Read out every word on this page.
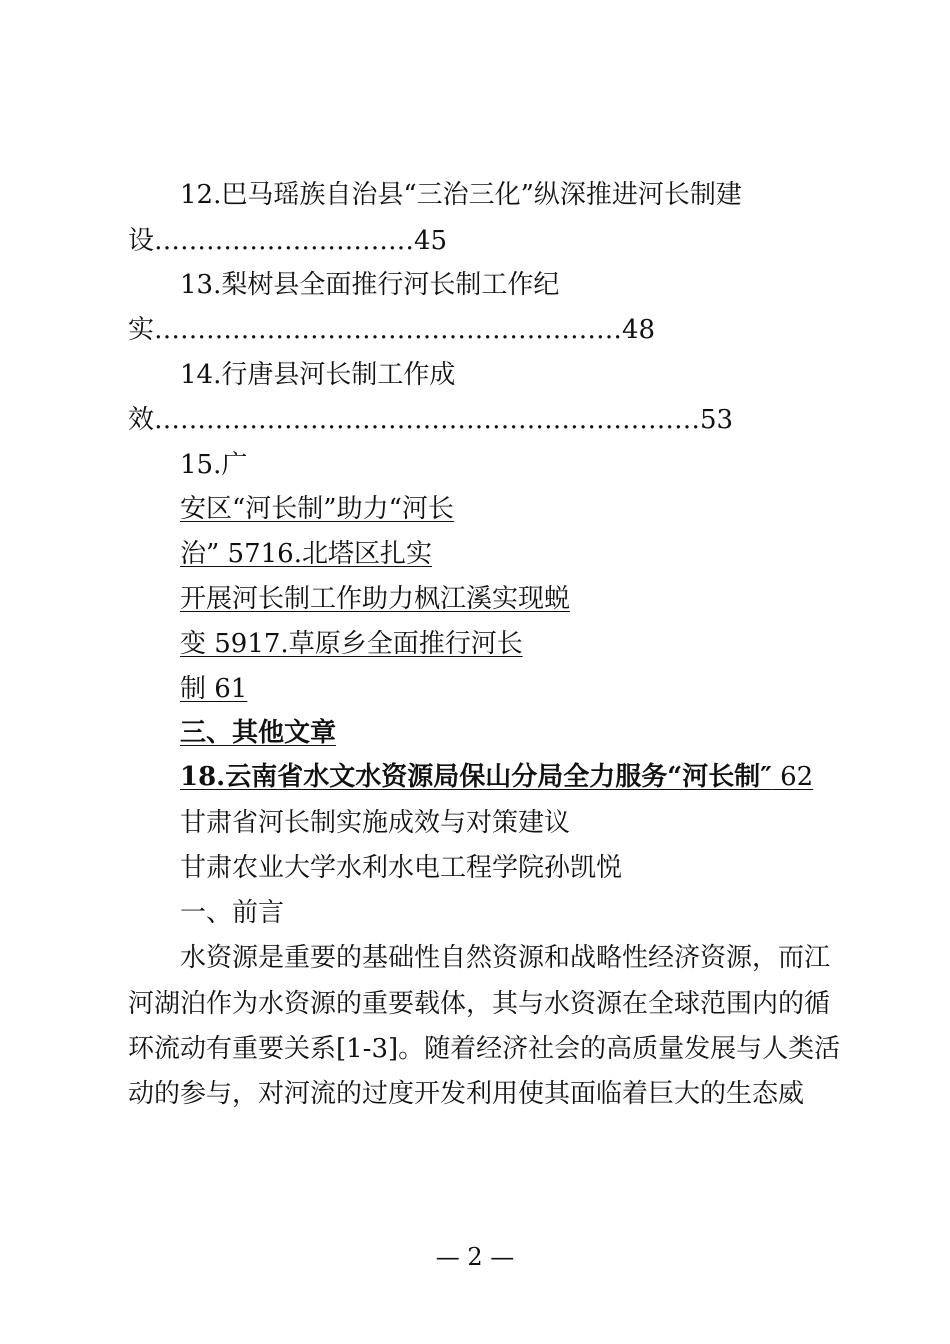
12.巴马瑶族自治县“三治三化”纵深推进河长制建
设…………………………45
13.梨树县全面推行河长制工作纪
实………………………………………………48
14.行唐县河长制工作成
效………………………………………………………53
15.广
安区“河长制”助力“河长
治” 5716.北塔区扎实
开展河长制工作助力枫江溪实现蜕
变 5917.草原乡全面推行河长
制 61
三、其他文章
18.云南省水文水资源局保山分局全力服务“河长制″ 62
甘肃省河长制实施成效与对策建议
甘肃农业大学水利水电工程学院孙凯悦
一、前言
水资源是重要的基础性自然资源和战略性经济资源，而江
河湖泊作为水资源的重要载体，其与水资源在全球范围内的循
环流动有重要关系[1-3]。随着经济社会的高质量发展与人类活
动的参与，对河流的过度开发利用使其面临着巨大的生态威
— 2 —
